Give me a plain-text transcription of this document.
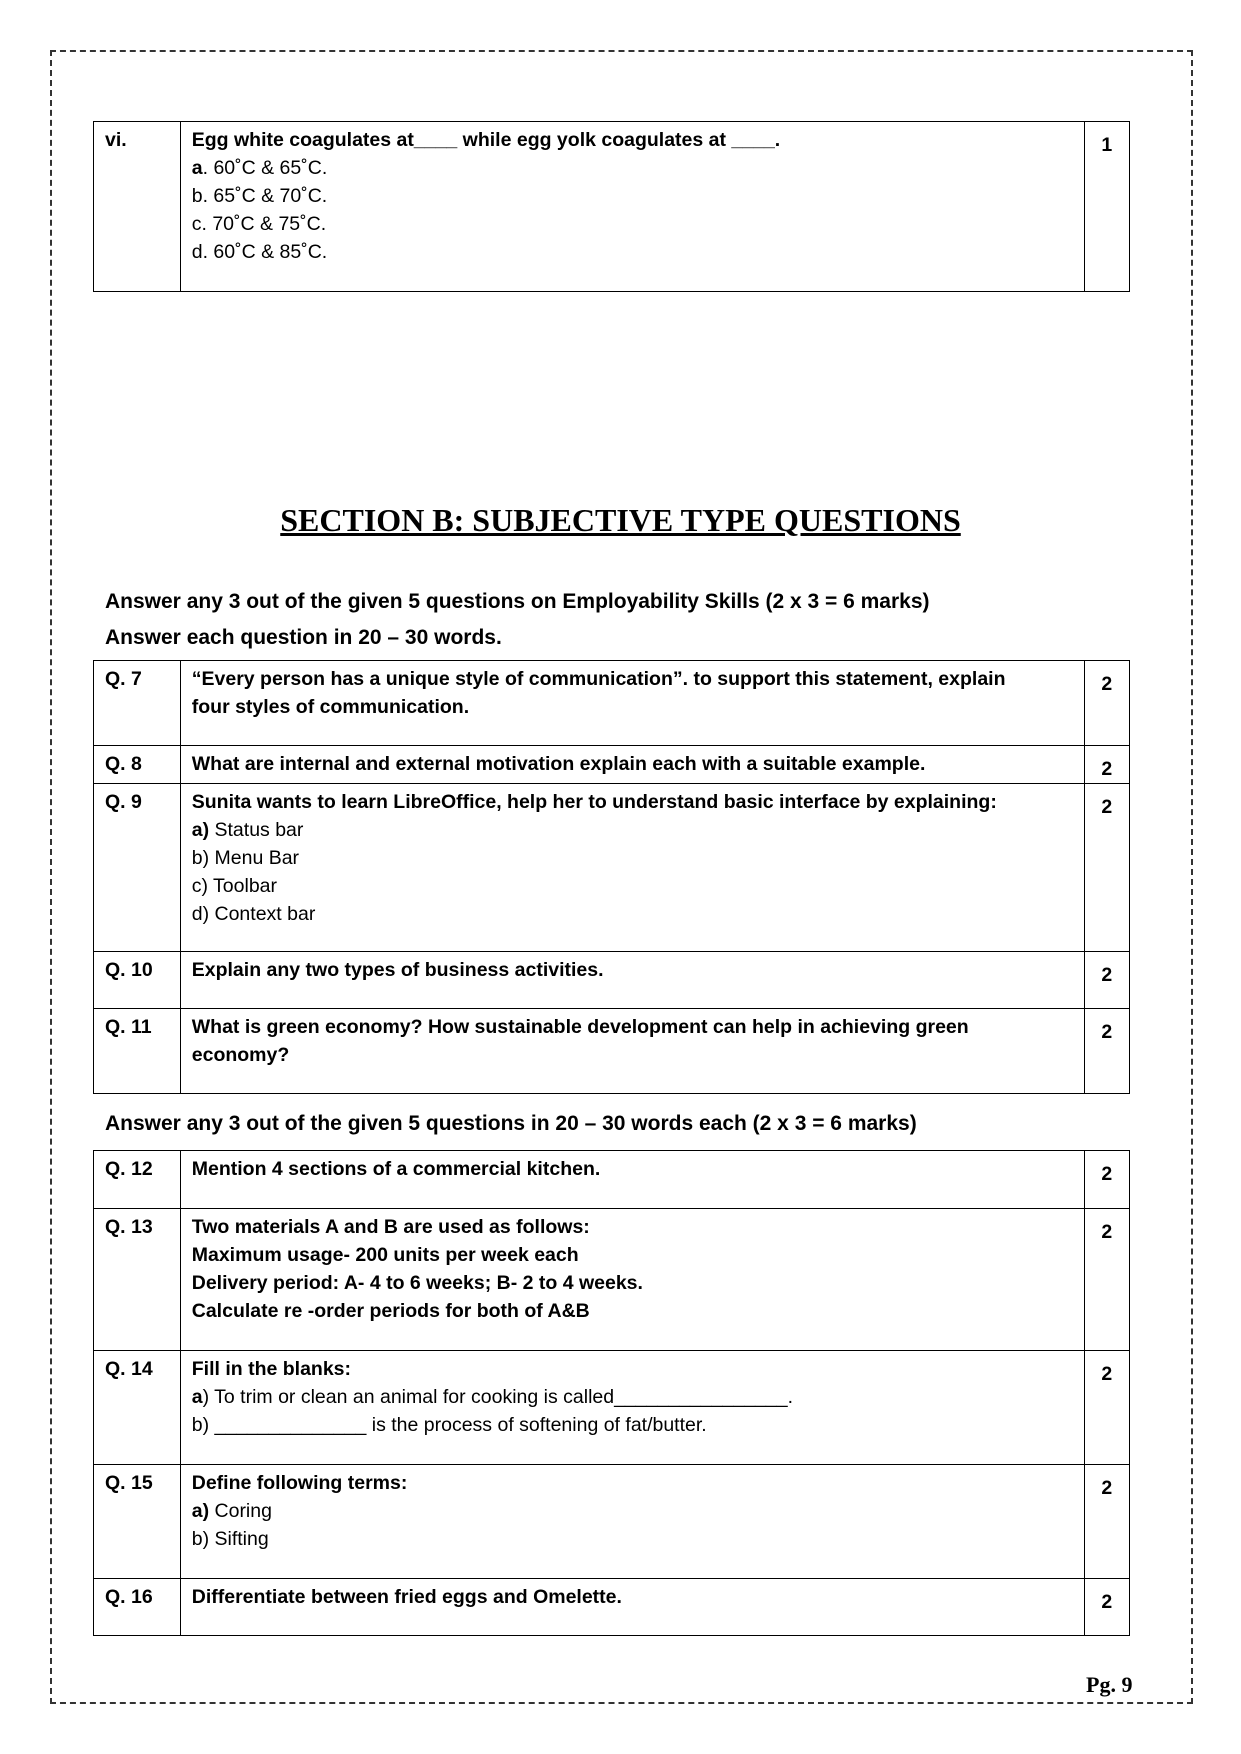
vi.	Egg white coagulates at____ while egg yolk coagulates at ____.
a. 60˚C & 65˚C.
b. 65˚C & 70˚C.
c. 70˚C & 75˚C.
d. 60˚C & 85˚C.
	1
SECTION B: SUBJECTIVE TYPE QUESTIONS
Answer any 3 out of the given 5 questions on Employability Skills (2 x 3 = 6 marks)
Answer each question in 20 – 30 words.
Q. 7	“Every person has a unique style of communication”. to support this statement, explain
four styles of communication.	2
Q. 8	What are internal and external motivation explain each with a suitable example.	2
Q. 9	Sunita wants to learn LibreOffice, help her to understand basic interface by explaining:
a) Status bar
b) Menu Bar
c) Toolbar
d) Context bar	2
Q. 10	Explain any two types of business activities.	2
Q. 11	What is green economy? How sustainable development can help in achieving green
economy?	2
Answer any 3 out of the given 5 questions in 20 – 30 words each (2 x 3 = 6 marks)
Q. 12	Mention 4 sections of a commercial kitchen.	2
Q. 13	Two materials A and B are used as follows:
Maximum usage- 200 units per week each
Delivery period: A- 4 to 6 weeks; B- 2 to 4 weeks.
Calculate re -order periods for both of A&B	2
Q. 14	Fill in the blanks:
a) To trim or clean an animal for cooking is called________________.
b) ______________ is the process of softening of fat/butter.	2
Q. 15	Define following terms:
a) Coring
b) Sifting	2
Q. 16	Differentiate between fried eggs and Omelette.	2
Pg. 9
